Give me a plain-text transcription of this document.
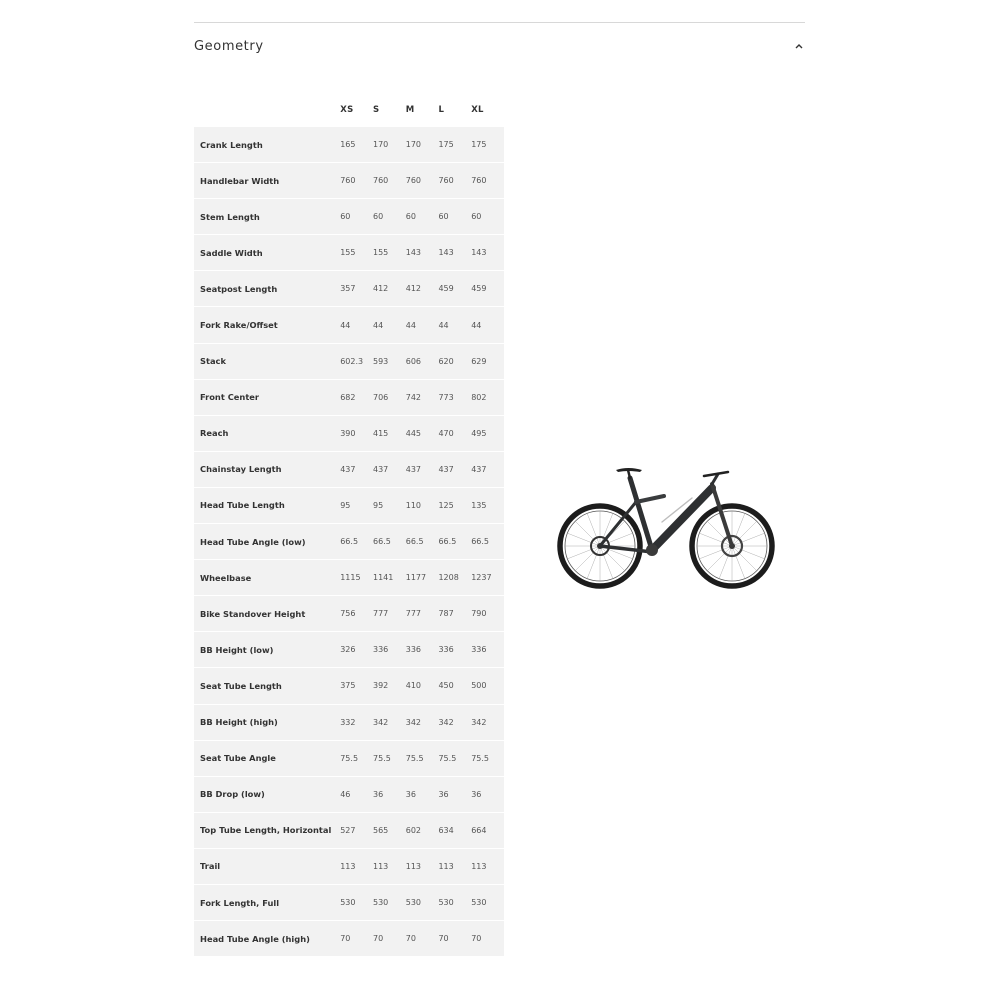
Geometry
	XS	S	M	L	XL
Crank Length	165	170	170	175	175
Handlebar Width	760	760	760	760	760
Stem Length	60	60	60	60	60
Saddle Width	155	155	143	143	143
Seatpost Length	357	412	412	459	459
Fork Rake/Offset	44	44	44	44	44
Stack	602.3	593	606	620	629
Front Center	682	706	742	773	802
Reach	390	415	445	470	495
Chainstay Length	437	437	437	437	437
Head Tube Length	95	95	110	125	135
Head Tube Angle (low)	66.5	66.5	66.5	66.5	66.5
Wheelbase	1115	1141	1177	1208	1237
Bike Standover Height	756	777	777	787	790
BB Height (low)	326	336	336	336	336
Seat Tube Length	375	392	410	450	500
BB Height (high)	332	342	342	342	342
Seat Tube Angle	75.5	75.5	75.5	75.5	75.5
BB Drop (low)	46	36	36	36	36
Top Tube Length, Horizontal	527	565	602	634	664
Trail	113	113	113	113	113
Fork Length, Full	530	530	530	530	530
Head Tube Angle (high)	70	70	70	70	70
